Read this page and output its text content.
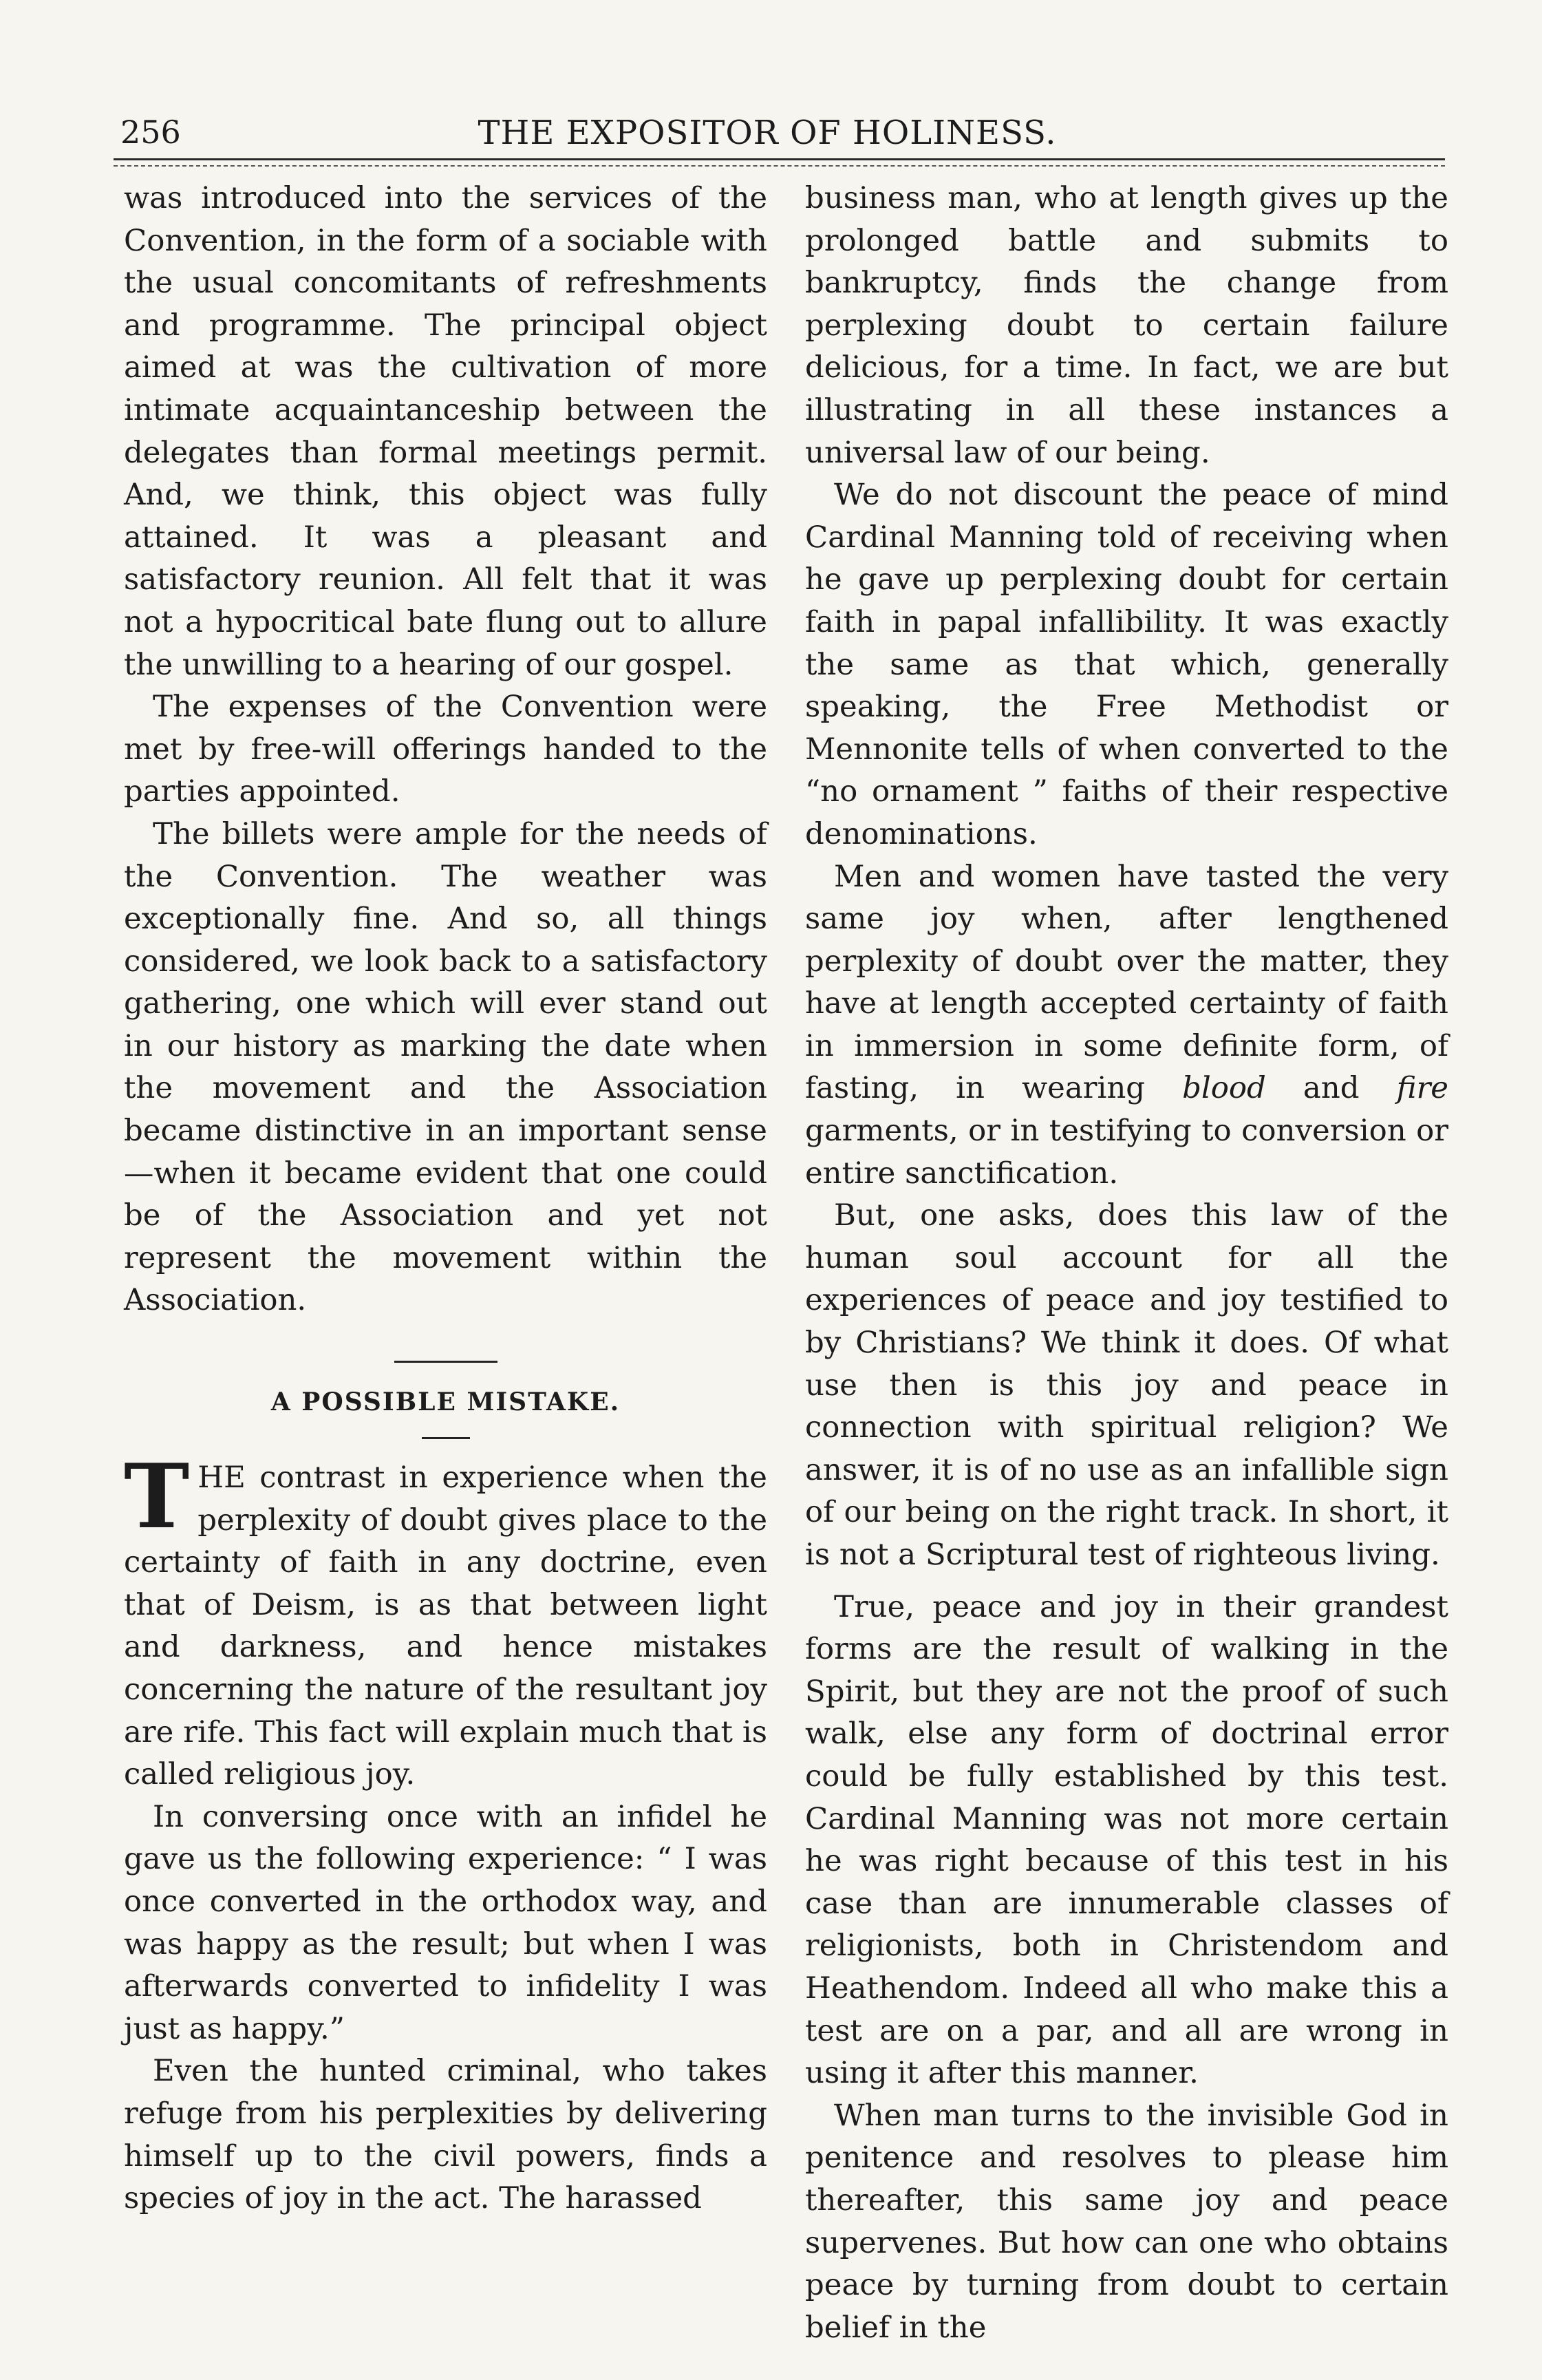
256	THE EXPOSITOR OF HOLINESS.

was introduced into the services of the Convention, in the form of a sociable with the usual concomitants of refreshments and programme. The principal object aimed at was the cultivation of more intimate acquaintanceship between the delegates than formal meetings permit. And, we think, this object was fully attained. It was a pleasant and satisfactory reunion. All felt that it was not a hypocritical bate flung out to allure the unwilling to a hearing of our gospel.

The expenses of the Convention were met by free-will offerings handed to the parties appointed.

The billets were ample for the needs of the Convention. The weather was exceptionally fine. And so, all things considered, we look back to a satisfactory gathering, one which will ever stand out in our history as marking the date when the movement and the Association became distinctive in an important sense—when it became evident that one could be of the Association and yet not represent the movement within the Association.

A POSSIBLE MISTAKE.

THE contrast in experience when the perplexity of doubt gives place to the certainty of faith in any doctrine, even that of Deism, is as that between light and darkness, and hence mistakes concerning the nature of the resultant joy are rife. This fact will explain much that is called religious joy.

In conversing once with an infidel he gave us the following experience: “ I was once converted in the orthodox way, and was happy as the result; but when I was afterwards converted to infidelity I was just as happy.”

Even the hunted criminal, who takes refuge from his perplexities by delivering himself up to the civil powers, finds a species of joy in the act. The harassed

business man, who at length gives up the prolonged battle and submits to bankruptcy, finds the change from perplexing doubt to certain failure delicious, for a time. In fact, we are but illustrating in all these instances a universal law of our being.

We do not discount the peace of mind Cardinal Manning told of receiving when he gave up perplexing doubt for certain faith in papal infallibility. It was exactly the same as that which, generally speaking, the Free Methodist or Mennonite tells of when converted to the “no ornament ” faiths of their respective denominations.

Men and women have tasted the very same joy when, after lengthened perplexity of doubt over the matter, they have at length accepted certainty of faith in immersion in some definite form, of fasting, in wearing blood and fire garments, or in testifying to conversion or entire sanctification.

But, one asks, does this law of the human soul account for all the experiences of peace and joy testified to by Christians? We think it does. Of what use then is this joy and peace in connection with spiritual religion? We answer, it is of no use as an infallible sign of our being on the right track. In short, it is not a Scriptural test of righteous living.

True, peace and joy in their grandest forms are the result of walking in the Spirit, but they are not the proof of such walk, else any form of doctrinal error could be fully established by this test. Cardinal Manning was not more certain he was right because of this test in his case than are innumerable classes of religionists, both in Christendom and Heathendom. Indeed all who make this a test are on a par, and all are wrong in using it after this manner.

When man turns to the invisible God in penitence and resolves to please him thereafter, this same joy and peace supervenes. But how can one who obtains peace by turning from doubt to certain belief in the
